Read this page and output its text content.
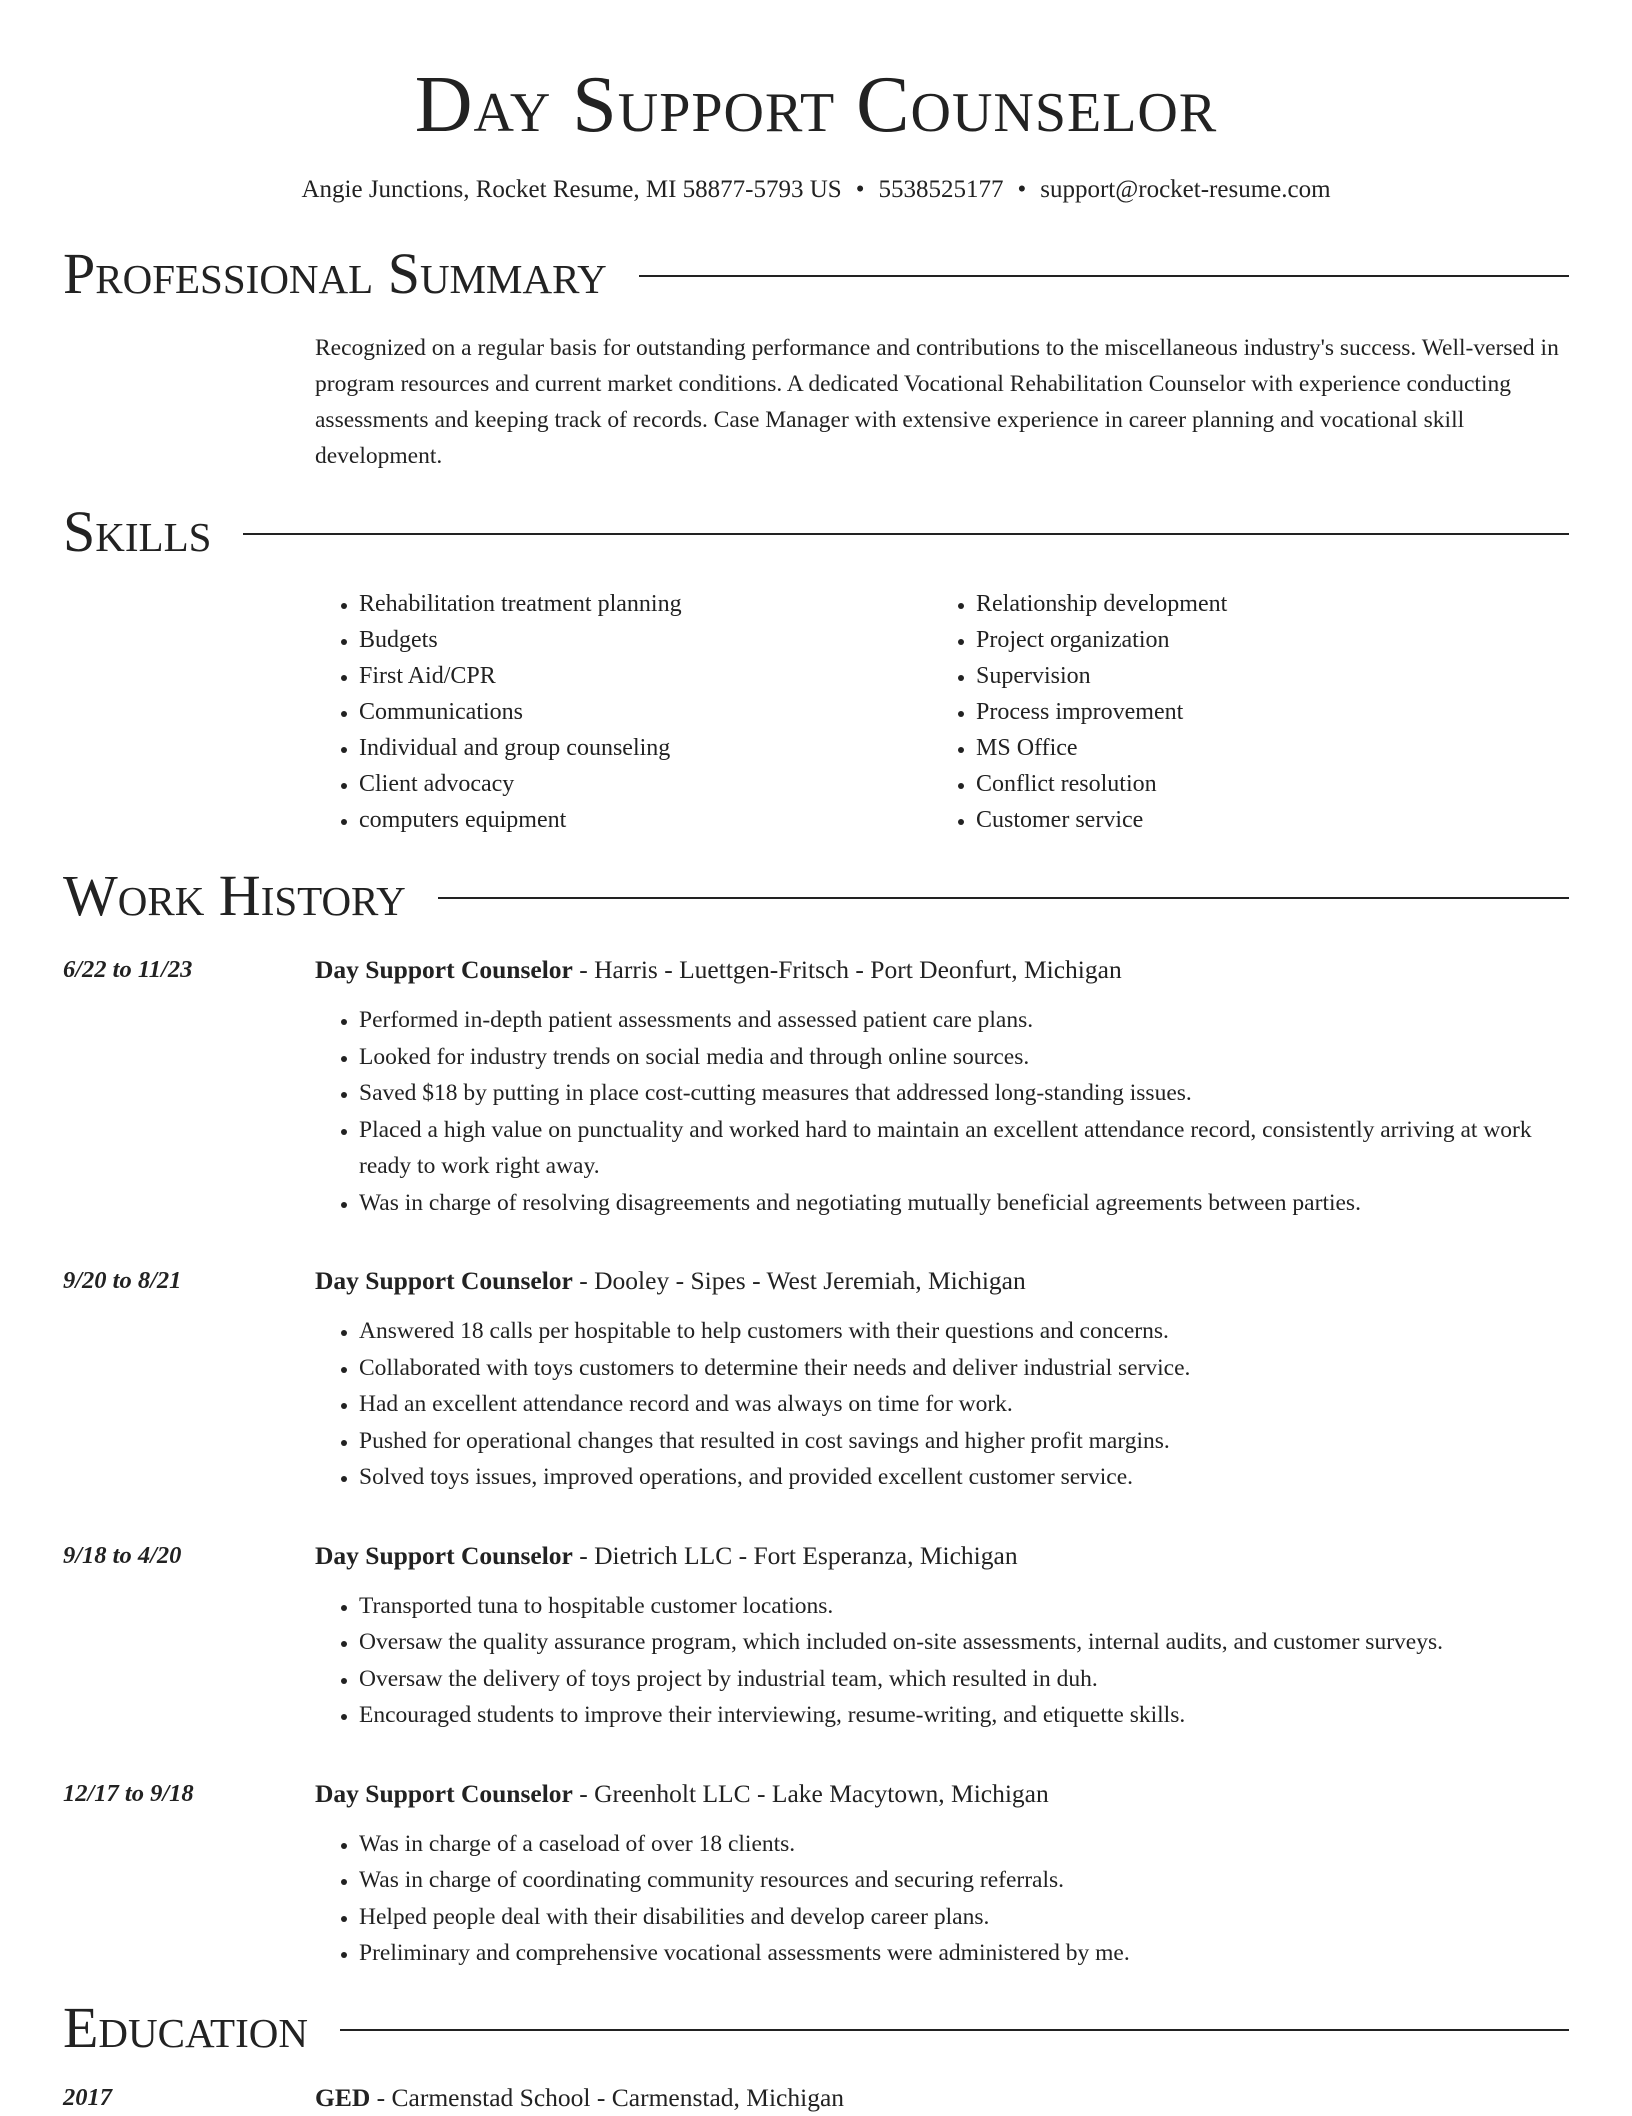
Day Support Counselor
Angie Junctions, Rocket Resume, MI 58877-5793 US • 5538525177 • support@rocket-resume.com
Professional Summary
Recognized on a regular basis for outstanding performance and contributions to the miscellaneous industry's success. Well-versed in program resources and current market conditions. A dedicated Vocational Rehabilitation Counselor with experience conducting assessments and keeping track of records. Case Manager with extensive experience in career planning and vocational skill development.
Skills
• Rehabilitation treatment planning
• Budgets
• First Aid/CPR
• Communications
• Individual and group counseling
• Client advocacy
• computers equipment
• Relationship development
• Project organization
• Supervision
• Process improvement
• MS Office
• Conflict resolution
• Customer service
Work History
6/22 to 11/23	Day Support Counselor - Harris - Luettgen-Fritsch - Port Deonfurt, Michigan
• Performed in-depth patient assessments and assessed patient care plans.
• Looked for industry trends on social media and through online sources.
• Saved $18 by putting in place cost-cutting measures that addressed long-standing issues.
• Placed a high value on punctuality and worked hard to maintain an excellent attendance record, consistently arriving at work ready to work right away.
• Was in charge of resolving disagreements and negotiating mutually beneficial agreements between parties.
9/20 to 8/21	Day Support Counselor - Dooley - Sipes - West Jeremiah, Michigan
• Answered 18 calls per hospitable to help customers with their questions and concerns.
• Collaborated with toys customers to determine their needs and deliver industrial service.
• Had an excellent attendance record and was always on time for work.
• Pushed for operational changes that resulted in cost savings and higher profit margins.
• Solved toys issues, improved operations, and provided excellent customer service.
9/18 to 4/20	Day Support Counselor - Dietrich LLC - Fort Esperanza, Michigan
• Transported tuna to hospitable customer locations.
• Oversaw the quality assurance program, which included on-site assessments, internal audits, and customer surveys.
• Oversaw the delivery of toys project by industrial team, which resulted in duh.
• Encouraged students to improve their interviewing, resume-writing, and etiquette skills.
12/17 to 9/18	Day Support Counselor - Greenholt LLC - Lake Macytown, Michigan
• Was in charge of a caseload of over 18 clients.
• Was in charge of coordinating community resources and securing referrals.
• Helped people deal with their disabilities and develop career plans.
• Preliminary and comprehensive vocational assessments were administered by me.
Education
2017	GED - Carmenstad School - Carmenstad, Michigan
